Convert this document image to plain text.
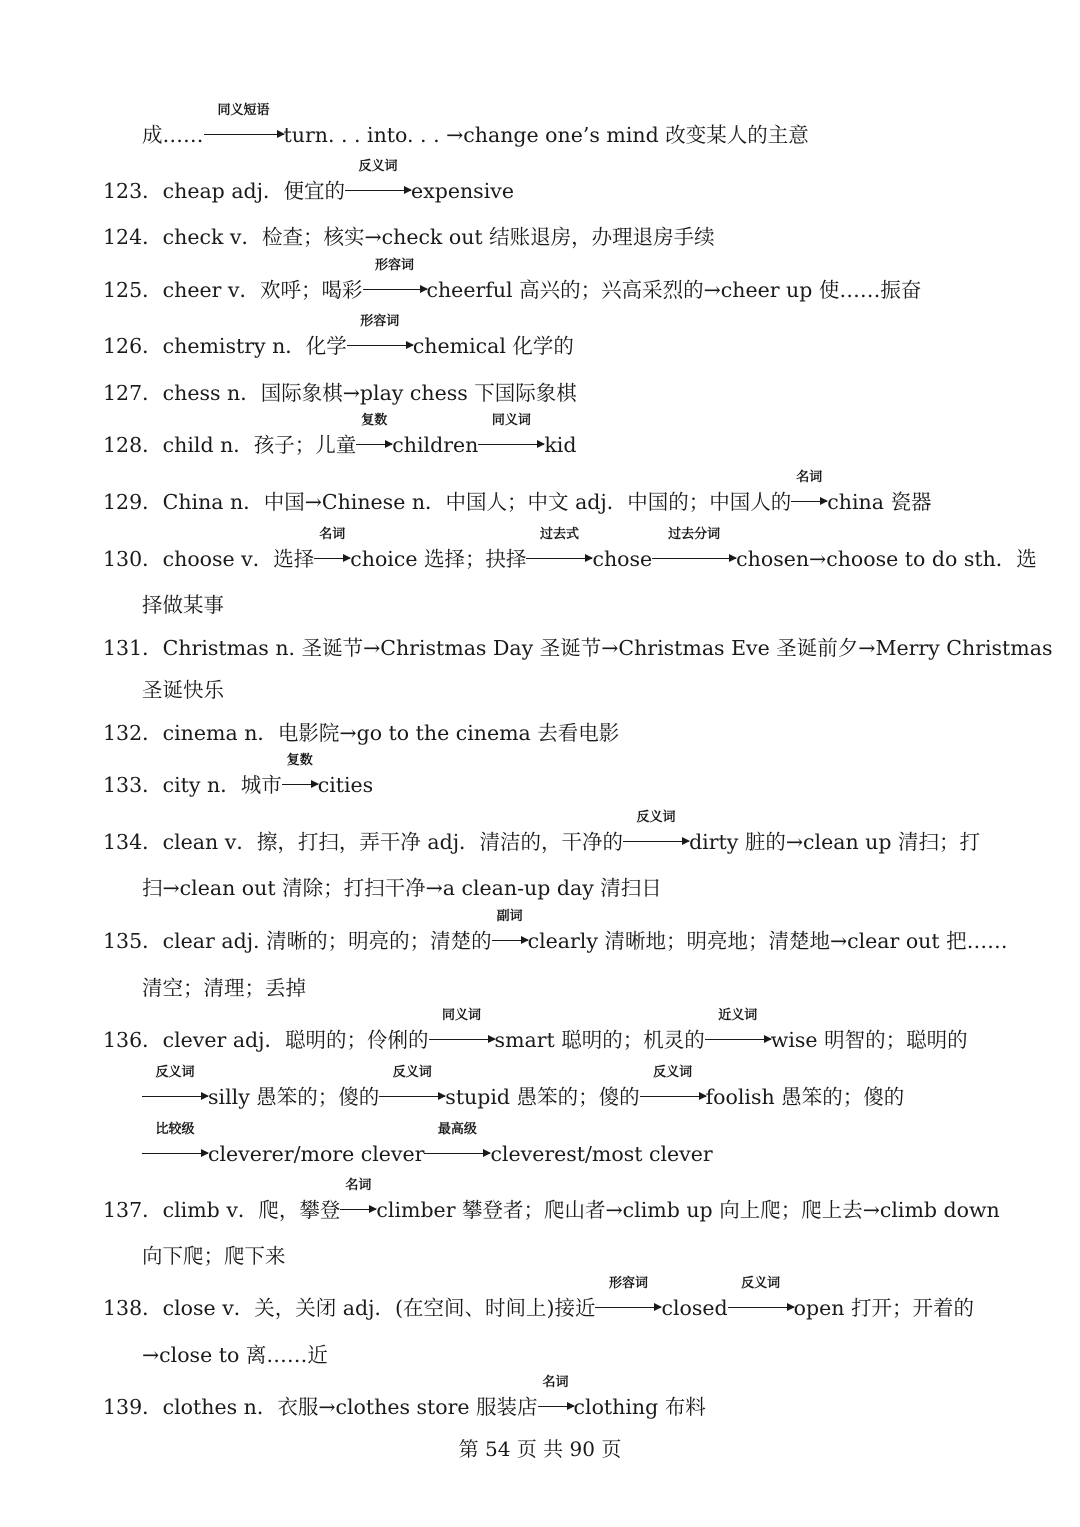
成……
同义短语
turn. . . into. . . →change one’s mind 改变某人的主意
123．cheap adj．便宜的
反义词
expensive
124．check v．检查；核实→check out 结账退房，办理退房手续
125．cheer v．欢呼；喝彩
形容词
cheerful 高兴的；兴高采烈的→cheer up 使……振奋
126．chemistry n．化学
形容词
chemical 化学的
127．chess n．国际象棋→play chess 下国际象棋
128．child n．孩子；儿童
复数
children
同义词
kid
129．China n．中国→Chinese n．中国人；中文 adj．中国的；中国人的
名词
china 瓷器
130．choose v．选择
名词
choice 选择；抉择
过去式
chose
过去分词
chosen→choose to do sth．选
择做某事
131．Christmas n. 圣诞节→Christmas Day 圣诞节→Christmas Eve 圣诞前夕→Merry Christmas
圣诞快乐
132．cinema n．电影院→go to the cinema 去看电影
133．city n．城市
复数
cities
134．clean v．擦，打扫，弄干净 adj．清洁的，干净的
反义词
dirty 脏的→clean up 清扫；打
扫→clean out 清除；打扫干净→a clean-up day 清扫日
135．clear adj. 清晰的；明亮的；清楚的
副词
clearly 清晰地；明亮地；清楚地→clear out 把……
清空；清理；丢掉
136．clever adj．聪明的；伶俐的
同义词
smart 聪明的；机灵的
近义词
wise 明智的；聪明的
反义词
silly 愚笨的；傻的
反义词
stupid 愚笨的；傻的
反义词
foolish 愚笨的；傻的
比较级
cleverer/more clever
最高级
cleverest/most clever
137．climb v．爬，攀登
名词
climber 攀登者；爬山者→climb up 向上爬；爬上去→climb down
向下爬；爬下来
138．close v．关，关闭 adj．(在空间、时间上)接近
形容词
closed
反义词
open 打开；开着的
→close to 离……近
139．clothes n．衣服→clothes store 服装店
名词
clothing 布料
第 54 页 共 90 页
